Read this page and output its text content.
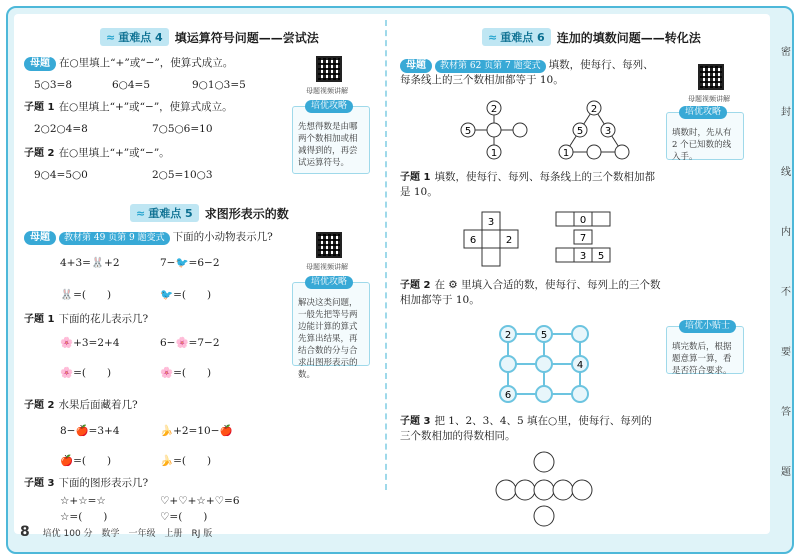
≈ 重难点 4	填运算符号问题——尝试法
母题 在○里填上“+”或“−”，使算式成立。
5○3=8	6○4=5	9○1○3=5
子题 1 在○里填上“+”或“−”，使算式成立。
2○2○4=8	7○5○6=10
子题 2 在○里填上“+”或“−”。
9○4=5○0	2○5=10○3
母题视频讲解
培优攻略
先想得数是由哪两个数相加或相减得到的，再尝试运算符号。
≈ 重难点 5	求图形表示的数
母题 教材第 49 页第 9 题变式 下面的小动物表示几?
4+3=🐰+2	7−🐦=6−2
🐰=(　　)	🐦=(　　)
母题视频讲解
培优攻略
解决这类问题，一般先把等号两边能计算的算式先算出结果，再结合数的分与合求出图形表示的数。
子题 1 下面的花儿表示几?
🌸+3=2+4	6−🌸=7−2
🌸=(　　)	🌸=(　　)
子题 2 水果后面藏着几?
8−🍎=3+4	🍌+2=10−🍎
🍎=(　　)	🍌=(　　)
子题 3 下面的图形表示几?
☆+☆=☆	♡+♡+☆+♡=6
☆=(　　)	♡=(　　)
≈ 重难点 6	连加的填数问题——转化法
母题 教材第 62 页第 7 题变式 填数，使每行、每列、每条线上的三个数相加都等于 10。
5
2
1
2
5 3
1
母题视频讲解
培优攻略
填数时，先从有 2 个已知数的线入手。
子题 1 填数，使每行、每列、每条线上的三个数相加都是 10。
3
6	2
0
7
3 5
子题 2 在 ⚙ 里填入合适的数，使每行、每列上的三个数相加都等于 10。
2	5
4
6
培优小贴士
填完数后，根据题意算一算，看是否符合要求。
子题 3 把 1、2、3、4、5 填在○里，使每行、每列的三个数相加的得数相同。
密
封
线
内
不
要
答
题
8 培优 100 分　数学　一年级　上册　RJ 版
